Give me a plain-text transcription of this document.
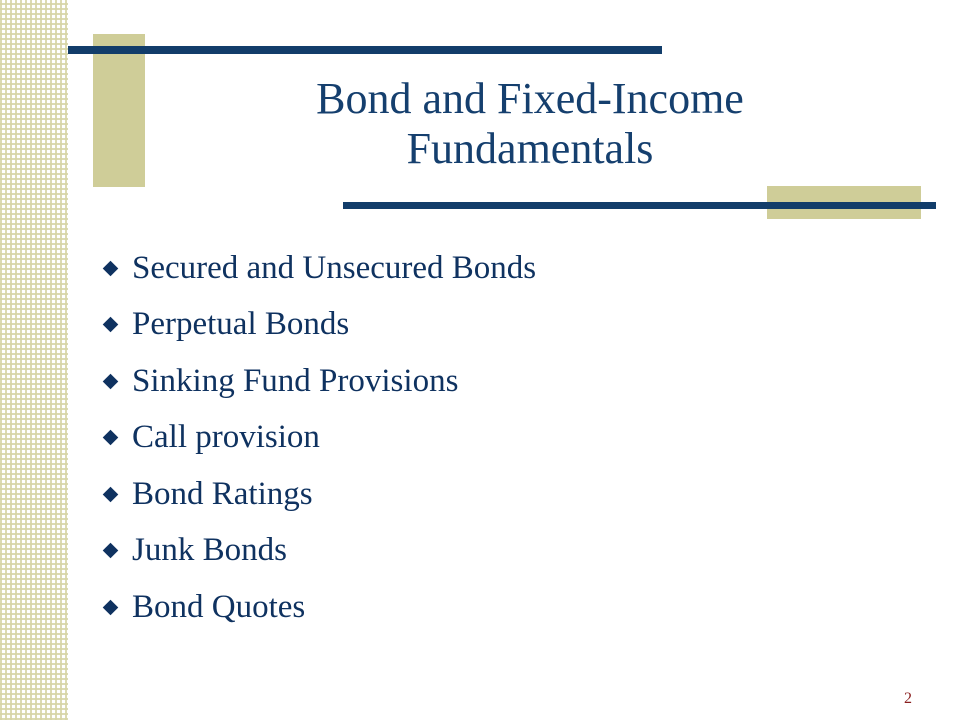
Bond and Fixed-Income
Fundamentals
Secured and Unsecured Bonds
Perpetual Bonds
Sinking Fund Provisions
Call provision
Bond Ratings
Junk Bonds
Bond Quotes
2
